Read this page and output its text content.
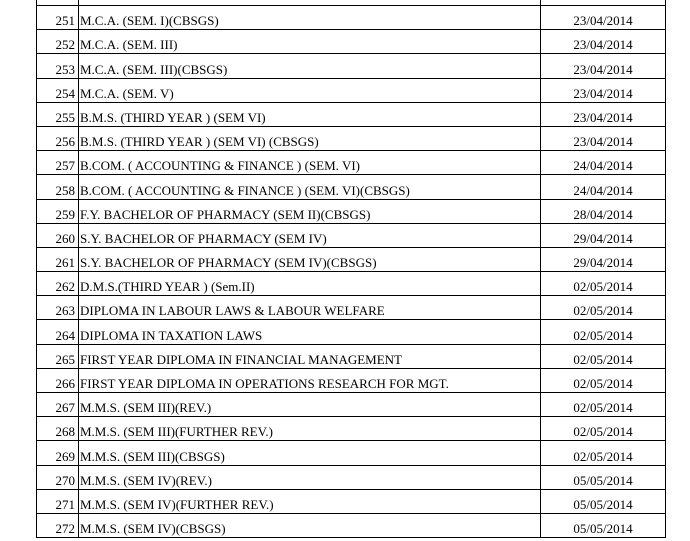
251	M.C.A. (SEM. I)(CBSGS)	23/04/2014
252	M.C.A. (SEM. III)	23/04/2014
253	M.C.A. (SEM. III)(CBSGS)	23/04/2014
254	M.C.A. (SEM. V)	23/04/2014
255	B.M.S. (THIRD YEAR ) (SEM VI)	23/04/2014
256	B.M.S. (THIRD YEAR ) (SEM VI) (CBSGS)	23/04/2014
257	B.COM. ( ACCOUNTING & FINANCE ) (SEM. VI)	24/04/2014
258	B.COM. ( ACCOUNTING & FINANCE ) (SEM. VI)(CBSGS)	24/04/2014
259	F.Y. BACHELOR OF PHARMACY (SEM II)(CBSGS)	28/04/2014
260	S.Y. BACHELOR OF PHARMACY (SEM IV)	29/04/2014
261	S.Y. BACHELOR OF PHARMACY (SEM IV)(CBSGS)	29/04/2014
262	D.M.S.(THIRD YEAR ) (Sem.II)	02/05/2014
263	DIPLOMA IN LABOUR LAWS & LABOUR WELFARE	02/05/2014
264	DIPLOMA IN TAXATION LAWS	02/05/2014
265	FIRST YEAR DIPLOMA IN FINANCIAL MANAGEMENT	02/05/2014
266	FIRST YEAR DIPLOMA IN OPERATIONS RESEARCH FOR MGT.	02/05/2014
267	M.M.S. (SEM III)(REV.)	02/05/2014
268	M.M.S. (SEM III)(FURTHER REV.)	02/05/2014
269	M.M.S. (SEM III)(CBSGS)	02/05/2014
270	M.M.S. (SEM IV)(REV.)	05/05/2014
271	M.M.S. (SEM IV)(FURTHER REV.)	05/05/2014
272	M.M.S. (SEM IV)(CBSGS)	05/05/2014
